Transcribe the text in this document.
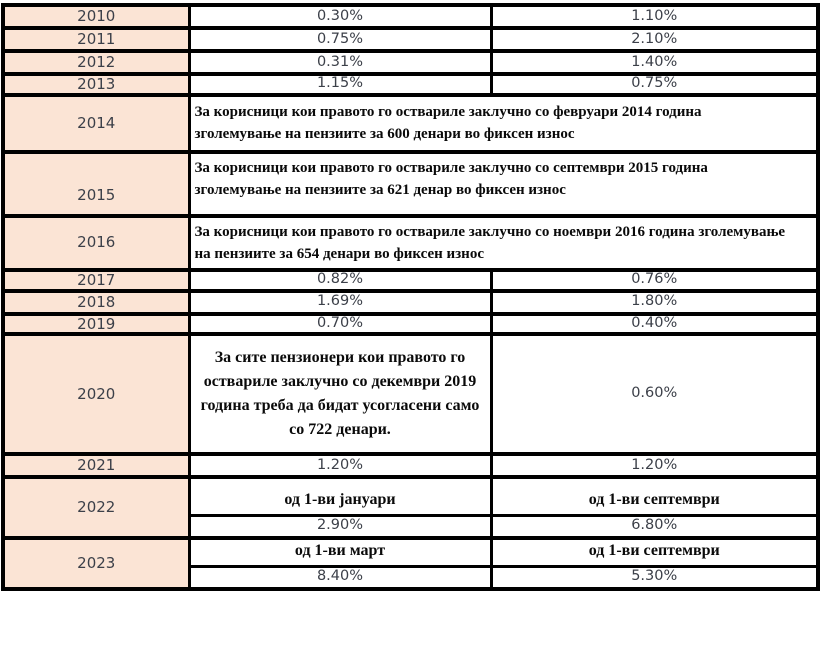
2010	0.30%	1.10%
2011	0.75%	2.10%
2012	0.31%	1.40%
2013	1.15%	0.75%
2014	За корисници кои правото го оствариле заклучно со февруари 2014 година
зголемување на пензиите за 600 денари во фиксен износ	

2015	За корисници кои правото го оствариле заклучно со септември 2015 година
зголемување на пензиите за 621 денар во фиксен износ	

2016	За корисници кои правото го оствариле заклучно со ноември 2016 година зголемување
на пензиите за 654 денари во фиксен износ	

2017	0.82%	0.76%
2018	1.69%	1.80%
2019	0.70%	0.40%
2020	За сите пензионери кои правото го
оствариле заклучно со декември 2019
година треба да бидат усогласени само
со 722 денари.	0.60%
2021	1.20%	1.20%
2022	од 1-ви јануари	од 1-ви септември
	2.90%	6.80%
2023	од 1-ви март	од 1-ви септември
	8.40%	5.30%
